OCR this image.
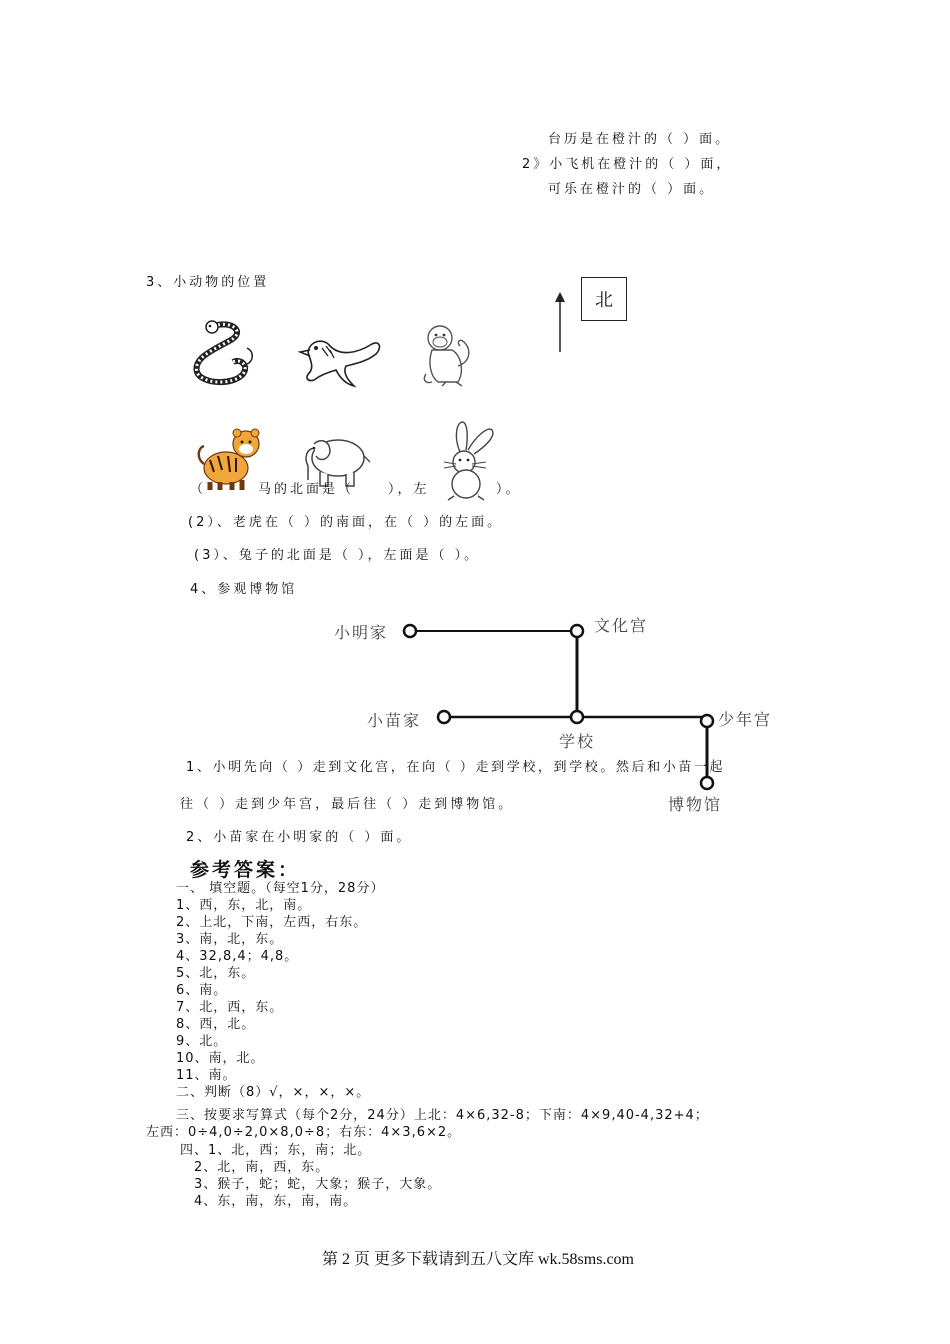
台历是在橙汁的（ ）面。
2》小飞机在橙汁的（ ）面，
可乐在橙汁的（ ）面。
3、小动物的位置
北
（	马的北面是（	），左	）。
(2）、老虎在（ ）的南面，在（ ）的左面。
(3）、兔子的北面是（ ），左面是（ ）。
4、参观博物馆
小明家	文化宫
小苗家
学校
少年宫
1、小明先向（ ）走到文化宫，在向（ ）走到学校，到学校。然后和小苗一起
博物馆
往（ ）走到少年宫，最后往（ ）走到博物馆。
2、小苗家在小明家的（ ）面。
参考答案：
一、 填空题。（每空1分，28分）
1、西，东，北，南。
2、上北，下南，左西，右东。
3、南，北，东。
4、32,8,4；4,8。
5、北，东。
6、南。
7、北，西，东。
8、西，北。
9、北。
10、南，北。
11、南。
二、判断（8）√，×，×，×。
三、按要求写算式（每个2分，24分）上北：4×6,32-8；下南：4×9,40-4,32+4；
左西：0÷4,0÷2,0×8,0÷8；右东：4×3,6×2。
四、1、北，西；东，南；北。
2、北，南，西，东。
3、猴子，蛇；蛇，大象；猴子，大象。
4、东，南，东，南，南。
第 2 页 更多下载请到五八文库 wk.58sms.com
